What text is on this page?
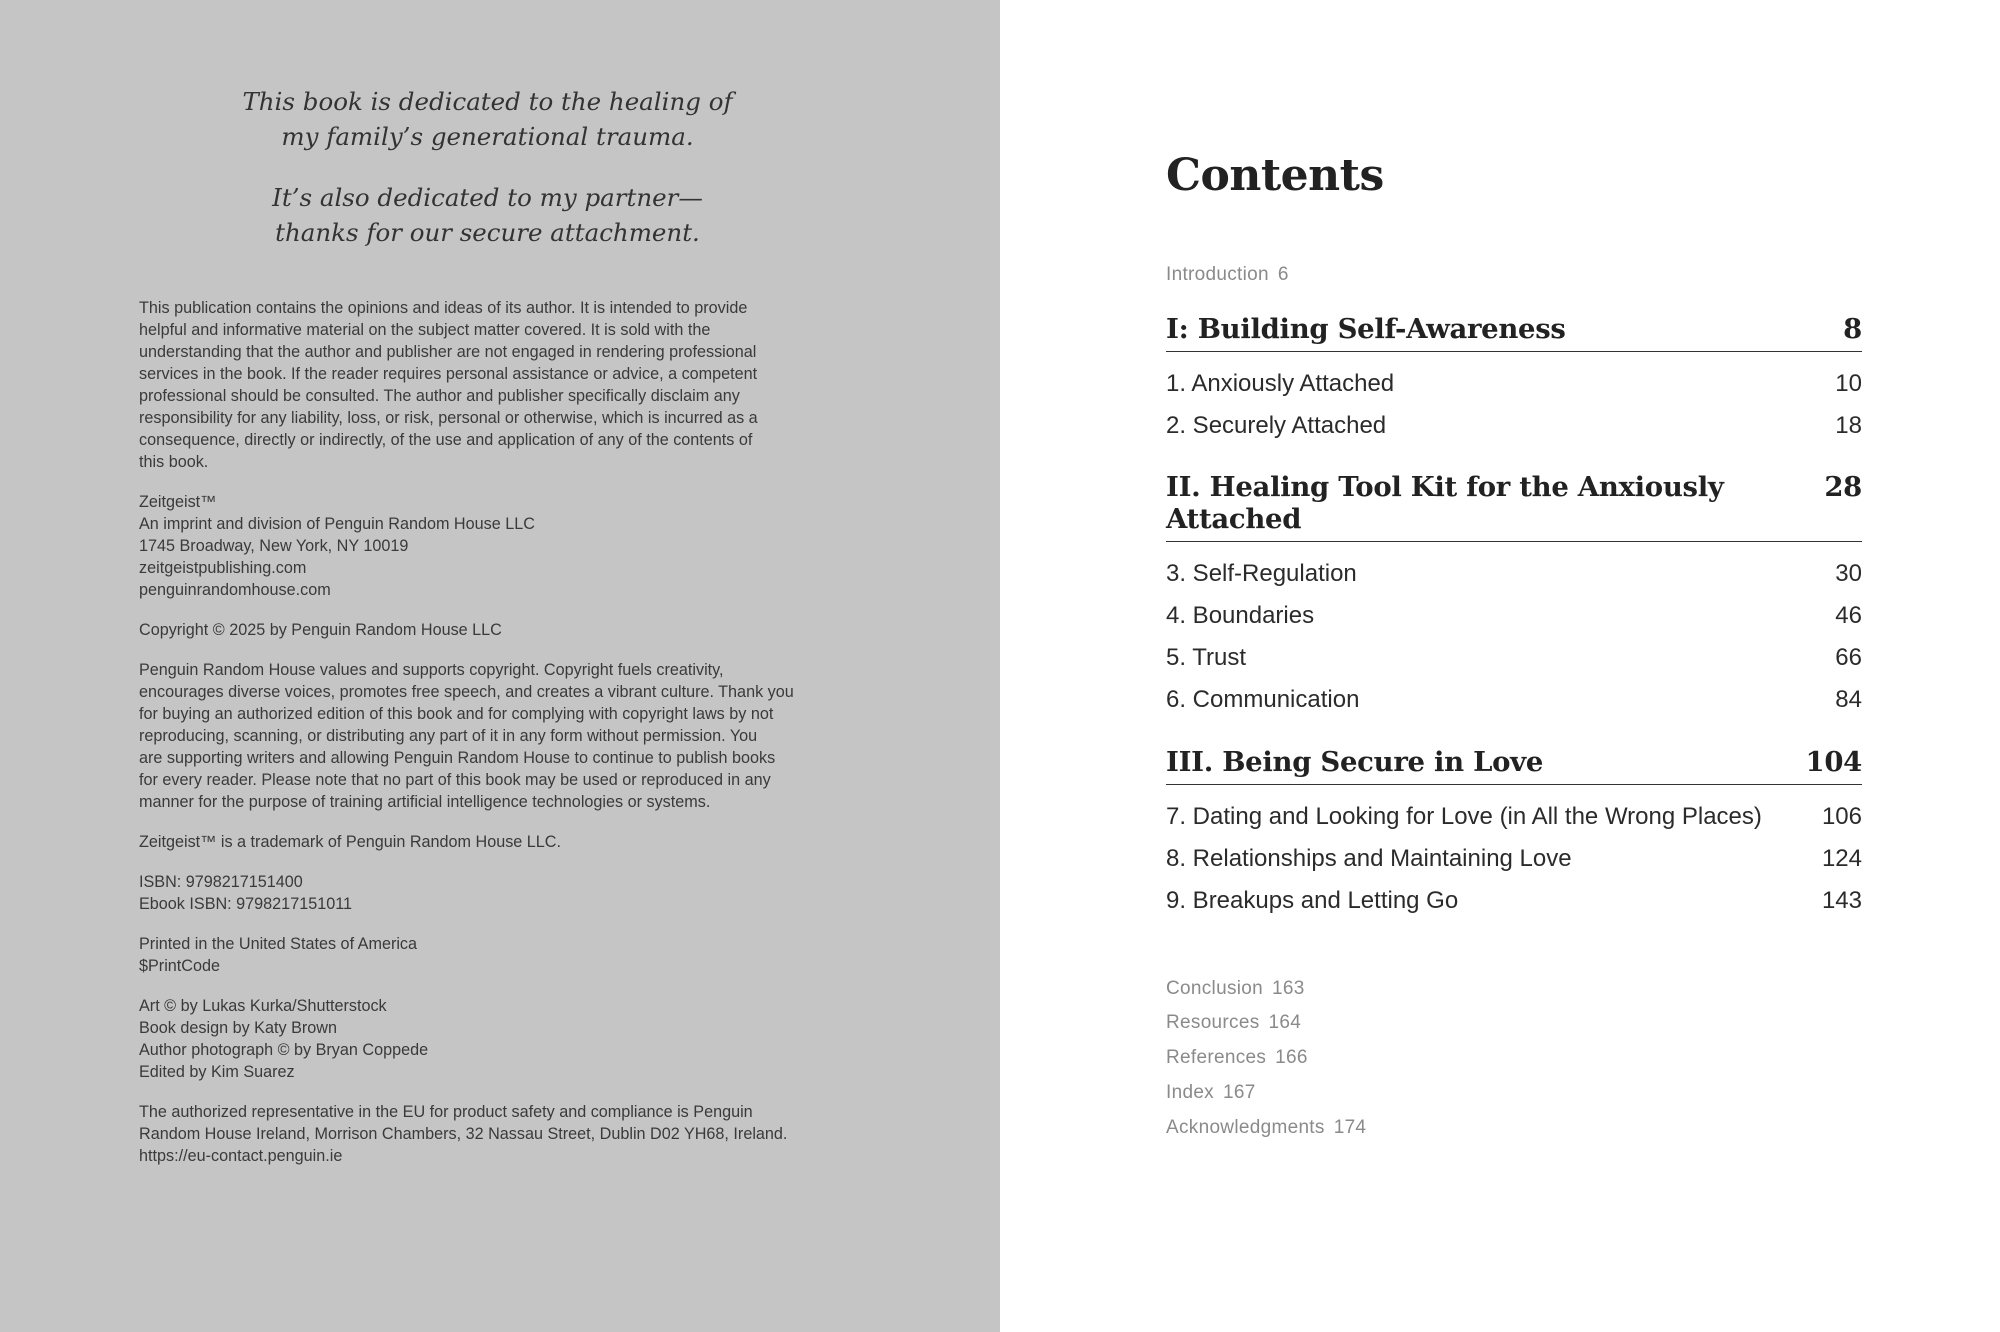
This book is dedicated to the healing of
my family’s generational trauma.

It’s also dedicated to my partner—
thanks for our secure attachment.

This publication contains the opinions and ideas of its author. It is intended to provide
helpful and informative material on the subject matter covered. It is sold with the
understanding that the author and publisher are not engaged in rendering professional
services in the book. If the reader requires personal assistance or advice, a competent
professional should be consulted. The author and publisher specifically disclaim any
responsibility for any liability, loss, or risk, personal or otherwise, which is incurred as a
consequence, directly or indirectly, of the use and application of any of the contents of
this book.

Zeitgeist™
An imprint and division of Penguin Random House LLC
1745 Broadway, New York, NY 10019
zeitgeistpublishing.com
penguinrandomhouse.com

Copyright © 2025 by Penguin Random House LLC

Penguin Random House values and supports copyright. Copyright fuels creativity,
encourages diverse voices, promotes free speech, and creates a vibrant culture. Thank you
for buying an authorized edition of this book and for complying with copyright laws by not
reproducing, scanning, or distributing any part of it in any form without permission. You
are supporting writers and allowing Penguin Random House to continue to publish books
for every reader. Please note that no part of this book may be used or reproduced in any
manner for the purpose of training artificial intelligence technologies or systems.

Zeitgeist™ is a trademark of Penguin Random House LLC.

ISBN: 9798217151400
Ebook ISBN: 9798217151011

Printed in the United States of America
$PrintCode

Art © by Lukas Kurka/Shutterstock
Book design by Katy Brown
Author photograph © by Bryan Coppede
Edited by Kim Suarez

The authorized representative in the EU for product safety and compliance is Penguin
Random House Ireland, Morrison Chambers, 32 Nassau Street, Dublin D02 YH68, Ireland.
https://eu-contact.penguin.ie

Contents
Introduction 6
I: Building Self-Awareness	8
1. Anxiously Attached	10
2. Securely Attached	18
II. Healing Tool Kit for the Anxiously Attached
28
3. Self-Regulation	30
4. Boundaries	46
5. Trust	66
6. Communication	84
III. Being Secure in Love	104
7. Dating and Looking for Love (in All the Wrong Places)	106
8. Relationships and Maintaining Love	124
9. Breakups and Letting Go	143
Conclusion 163
Resources 164
References 166
Index 167
Acknowledgments 174
